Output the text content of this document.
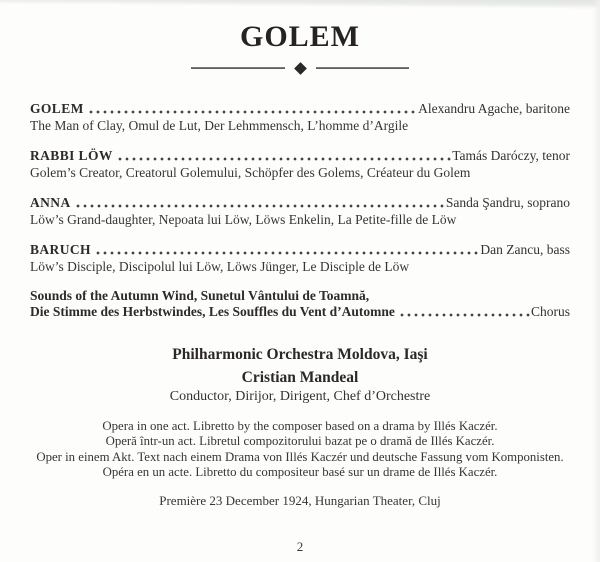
GOLEM
GOLEM	Alexandru Agache, baritone
The Man of Clay, Omul de Lut, Der Lehmmensch, L’homme d’Argile
RABBI LÖW	Tamás Daróczy, tenor
Golem’s Creator, Creatorul Golemului, Schöpfer des Golems, Créateur du Golem
ANNA	Sanda Şandru, soprano
Löw’s Grand-daughter, Nepoata lui Löw, Löws Enkelin, La Petite-fille de Löw
BARUCH	Dan Zancu, bass
Löw’s Disciple, Discipolul lui Löw, Löws Jünger, Le Disciple de Löw
Sounds of the Autumn Wind, Sunetul Vântului de Toamnă,
Die Stimme des Herbstwindes, Les Souffles du Vent d’Automne	Chorus
Philharmonic Orchestra Moldova, Iaşi
Cristian Mandeal
Conductor, Dirijor, Dirigent, Chef d’Orchestre
Opera in one act. Libretto by the composer based on a drama by Illés Kaczér.
Operă într-un act. Libretul compozitorului bazat pe o dramă de Illés Kaczér.
Oper in einem Akt. Text nach einem Drama von Illés Kaczér und deutsche Fassung vom Komponisten.
Opéra en un acte. Libretto du compositeur basé sur un drame de Illés Kaczér.
Première 23 December 1924, Hungarian Theater, Cluj
2
